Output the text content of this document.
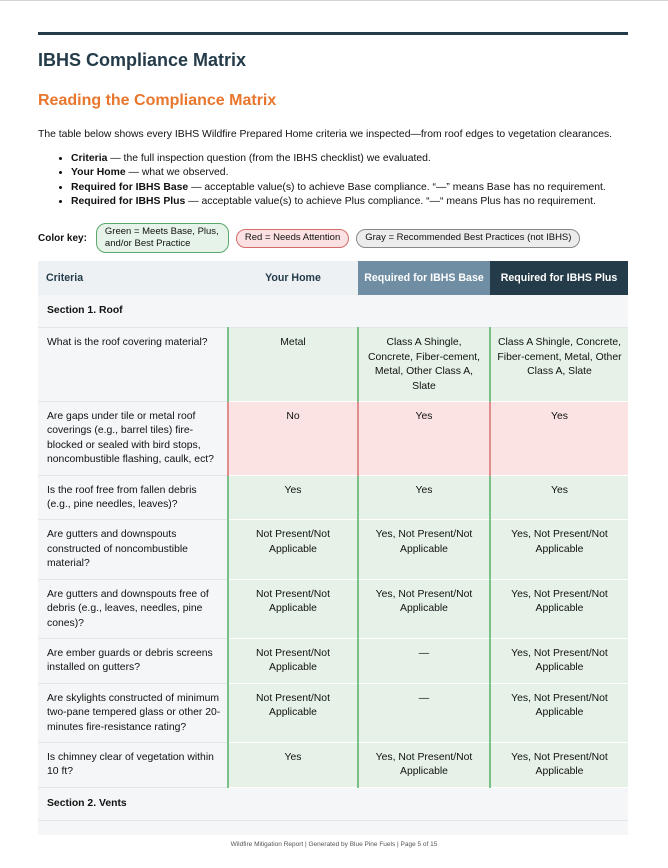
IBHS Compliance Matrix
Reading the Compliance Matrix

The table below shows every IBHS Wildfire Prepared Home criteria we inspected—from roof edges to vegetation clearances.

• Criteria — the full inspection question (from the IBHS checklist) we evaluated.
• Your Home — what we observed.
• Required for IBHS Base — acceptable value(s) to achieve Base compliance. “—” means Base has no requirement.
• Required for IBHS Plus — acceptable value(s) to achieve Plus compliance. “—“ means Plus has no requirement.
Color key:
Green = Meets Base, Plus, and/or Best Practice
Red = Needs Attention	Gray = Recommended Best Practices (not IBHS)
Criteria	Your Home	Required for IBHS Base	Required for IBHS Plus
Section 1. Roof			
What is the roof covering material?	Metal	Class A Shingle, Concrete, Fiber-cement, Metal, Other Class A, Slate	Class A Shingle, Concrete, Fiber-cement, Metal, Other Class A, Slate
Are gaps under tile or metal roof coverings (e.g., barrel tiles) fire-blocked or sealed with bird stops, noncombustible flashing, caulk, ect?	No	Yes	Yes
Is the roof free from fallen debris (e.g., pine needles, leaves)?	Yes	Yes	Yes
Are gutters and downspouts constructed of noncombustible material?	Not Present/Not Applicable	Yes, Not Present/Not Applicable	Yes, Not Present/Not Applicable
Are gutters and downspouts free of debris (e.g., leaves, needles, pine cones)?	Not Present/Not Applicable	Yes, Not Present/Not Applicable	Yes, Not Present/Not Applicable
Are ember guards or debris screens installed on gutters?	Not Present/Not Applicable	—	Yes, Not Present/Not Applicable
Are skylights constructed of minimum two-pane tempered glass or other 20-minutes fire-resistance rating?	Not Present/Not Applicable	—	Yes, Not Present/Not Applicable
Is chimney clear of vegetation within 10 ft?	Yes	Yes, Not Present/Not Applicable	Yes, Not Present/Not Applicable
Section 2. Vents			

Wildfire Mitigation Report | Generated by Blue Pine Fuels | Page 5 of 15
